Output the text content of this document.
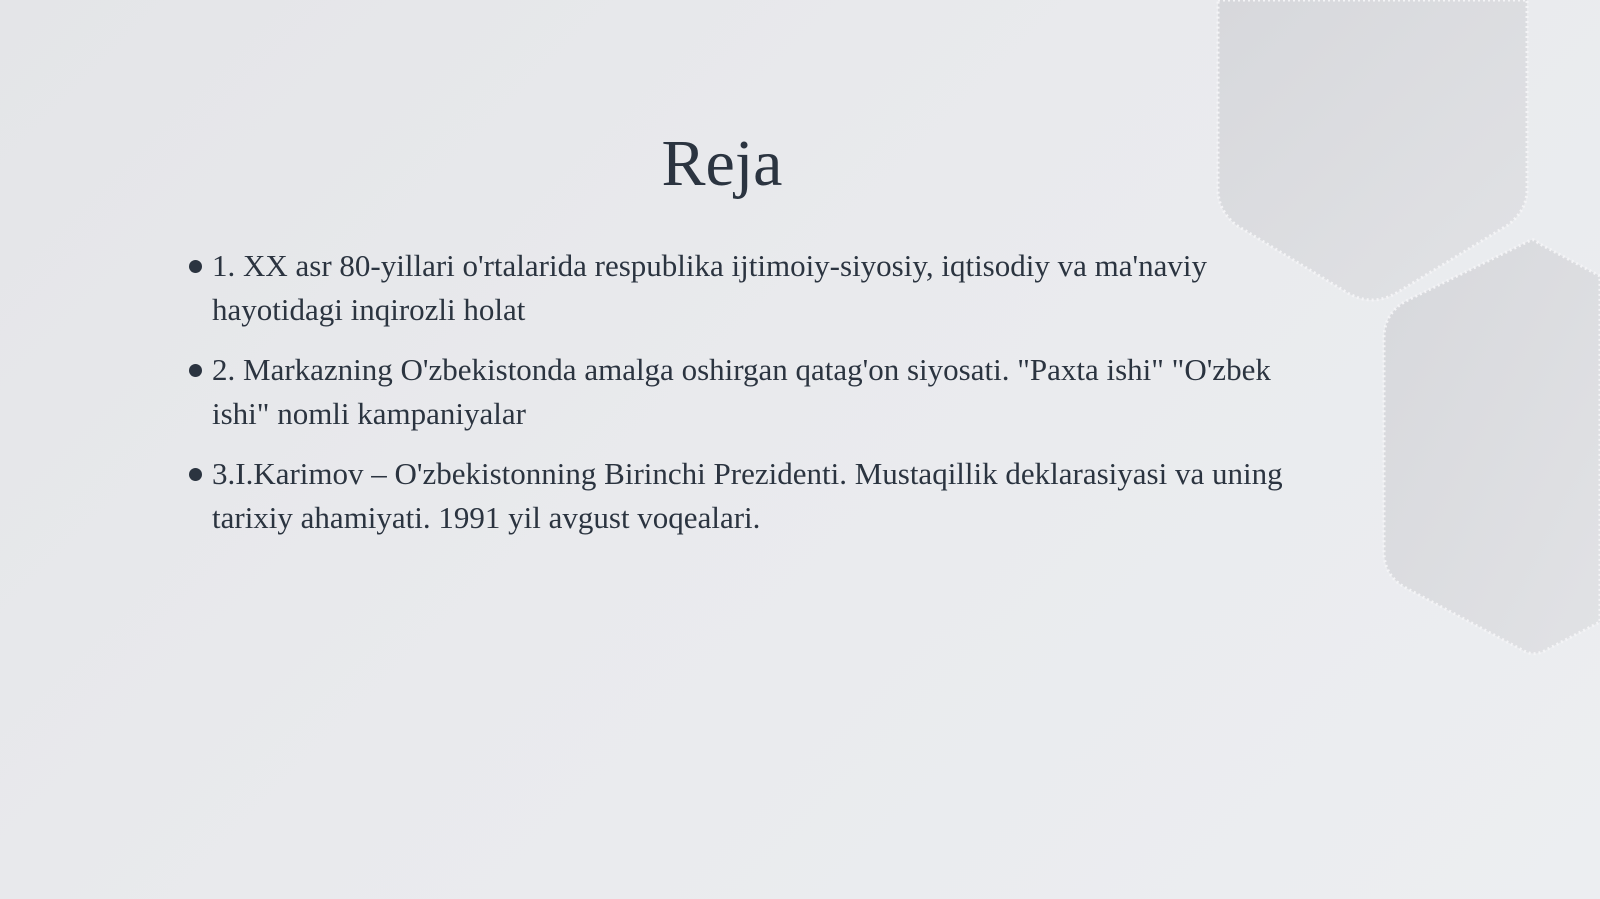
Reja
1. XX asr 80-yillari o'rtalarida respublika ijtimoiy-siyosiy, iqtisodiy va ma'naviy hayotidagi inqirozli holat
2. Markazning O'zbekistonda amalga oshirgan qatag'on siyosati. "Paxta ishi" "O'zbek ishi" nomli kampaniyalar
3.I.Karimov – O'zbekistonning Birinchi Prezidenti. Mustaqillik deklarasiyasi va uning tarixiy ahamiyati. 1991 yil avgust voqealari.
